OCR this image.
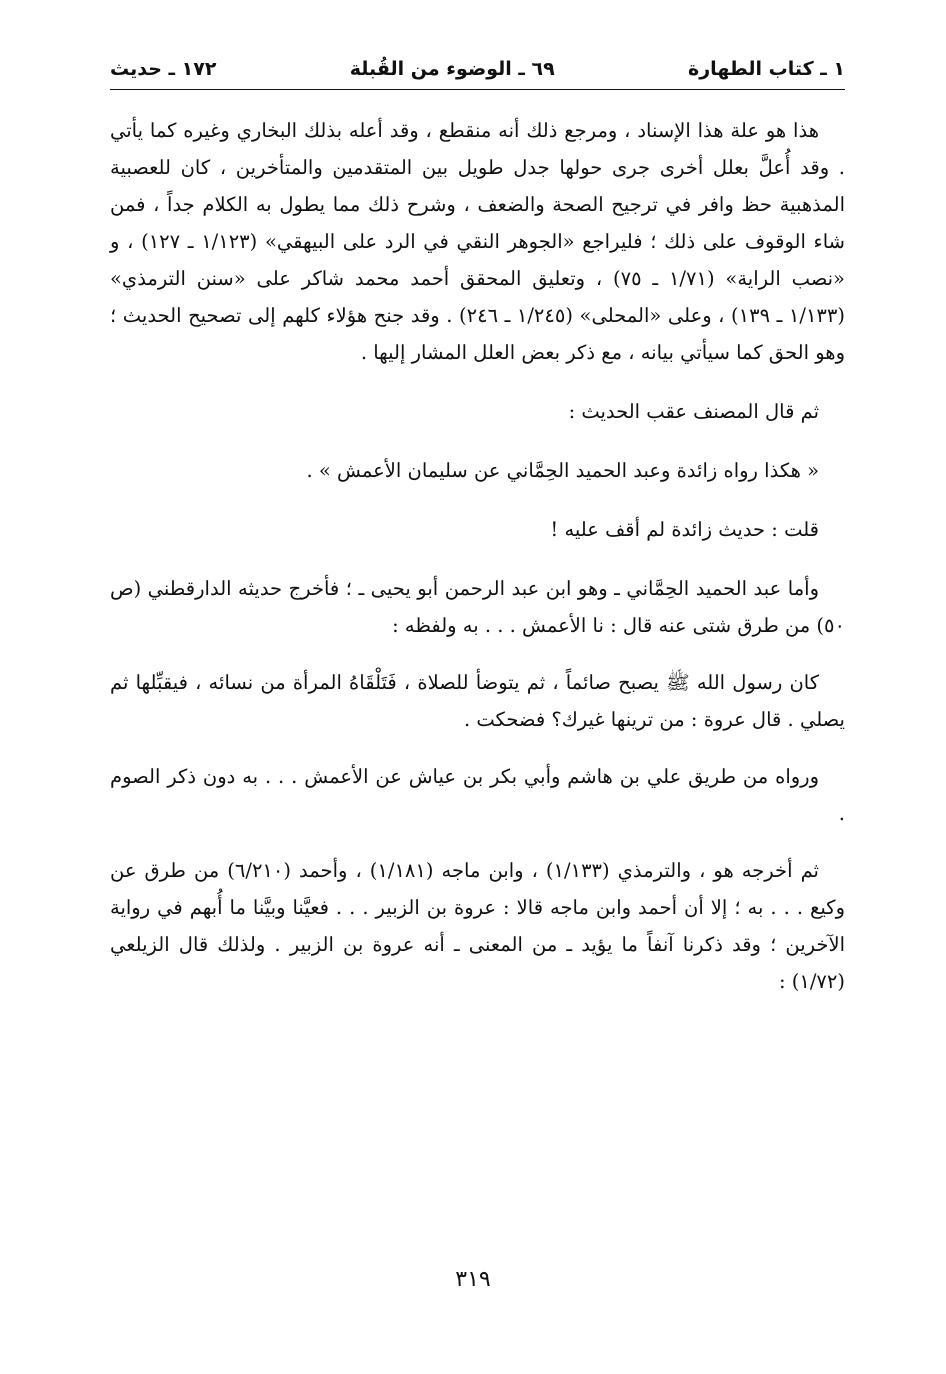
١ ـ كتاب الطهارة
٦٩ ـ الوضوء من القُبلة
١٧٢ ـ حديث

هذا هو علة هذا الإسناد ، ومرجع ذلك أنه منقطع ، وقد أعله بذلك البخاري وغيره كما يأتي . وقد أُعلَّ بعلل أخرى جرى حولها جدل طويل بين المتقدمين والمتأخرين ، كان للعصبية المذهبية حظ وافر في ترجيح الصحة والضعف ، وشرح ذلك مما يطول به الكلام جداً ، فمن شاء الوقوف على ذلك ؛ فليراجع «الجوهر النقي في الرد على البيهقي» (١/١٢٣ ـ ١٢٧) ، و «نصب الراية» (١/٧١ ـ ٧٥) ، وتعليق المحقق أحمد محمد شاكر على «سنن الترمذي» (١/١٣٣ ـ ١٣٩) ، وعلى «المحلى» (١/٢٤٥ ـ ٢٤٦) . وقد جنح هؤلاء كلهم إلى تصحيح الحديث ؛ وهو الحق كما سيأتي بيانه ، مع ذكر بعض العلل المشار إليها .

ثم قال المصنف عقب الحديث :

« هكذا رواه زائدة وعبد الحميد الحِمَّاني عن سليمان الأعمش » .

قلت : حديث زائدة لم أقف عليه !

وأما عبد الحميد الحِمَّاني ـ وهو ابن عبد الرحمن أبو يحيى ـ ؛ فأخرج حديثه الدارقطني (ص ٥٠) من طرق شتى عنه قال : نا الأعمش . . . به ولفظه :

كان رسول الله ﷺ يصبح صائماً ، ثم يتوضأ للصلاة ، فَتَلْقَاهُ المرأة من نسائه ، فيقبِّلها ثم يصلي . قال عروة : من ترينها غيرك؟ فضحكت .

ورواه من طريق علي بن هاشم وأبي بكر بن عياش عن الأعمش . . . به دون ذكر الصوم .

ثم أخرجه هو ، والترمذي (١/١٣٣) ، وابن ماجه (١/١٨١) ، وأحمد (٦/٢١٠) من طرق عن وكيع . . . به ؛ إلا أن أحمد وابن ماجه قالا : عروة بن الزبير . . . فعيَّنا وبيَّنا ما أُبهم في رواية الآخرين ؛ وقد ذكرنا آنفاً ما يؤيد ـ من المعنى ـ أنه عروة بن الزبير . ولذلك قال الزيلعي (١/٧٢) :

٣١٩
